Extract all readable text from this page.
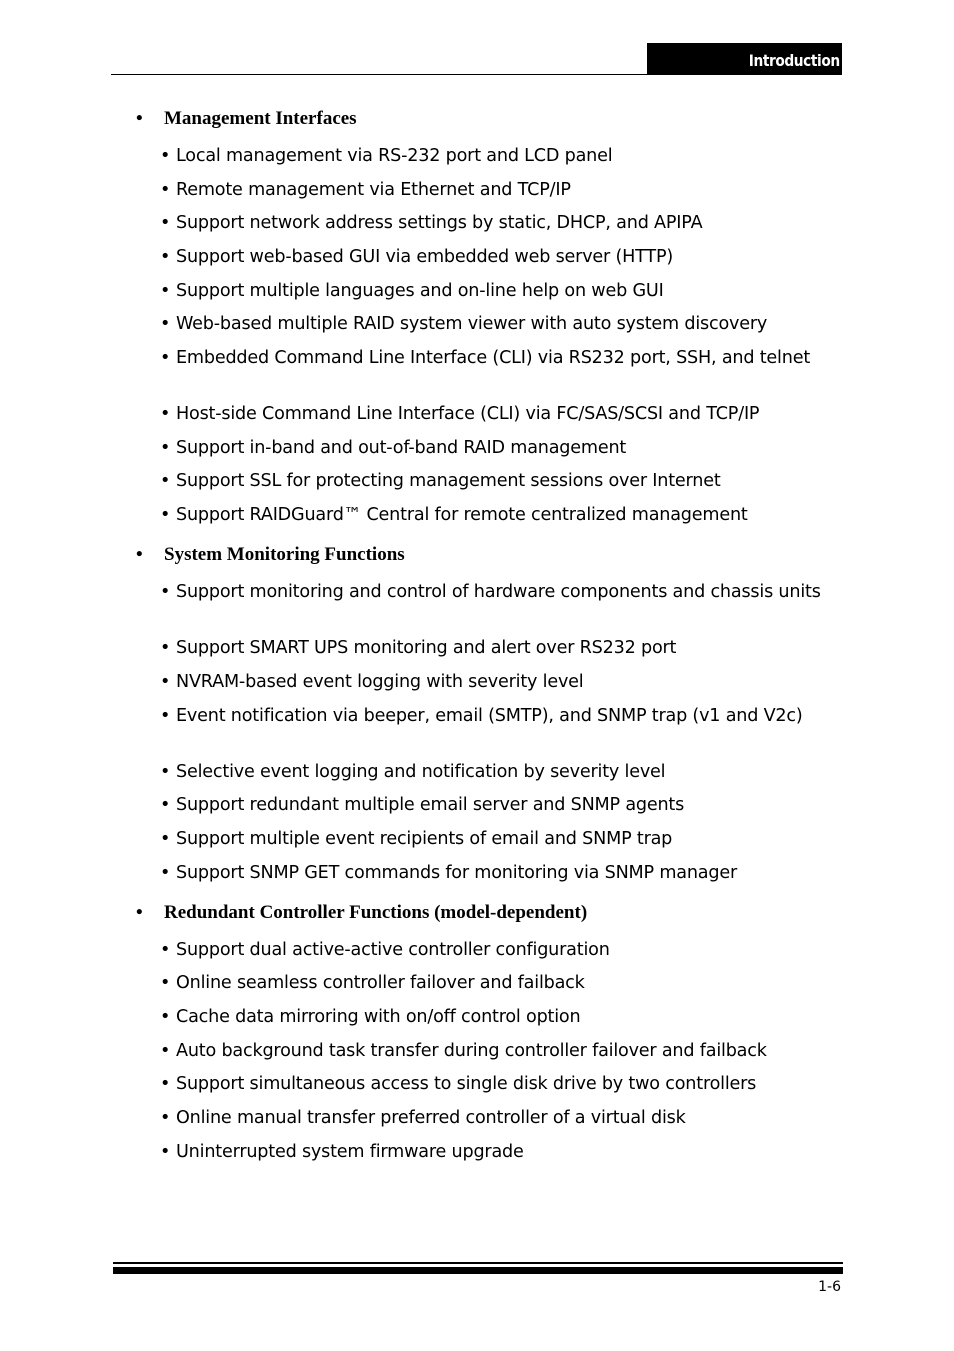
Introduction
• Management Interfaces
• Local management via RS-232 port and LCD panel
• Remote management via Ethernet and TCP/IP
• Support network address settings by static, DHCP, and APIPA
• Support web-based GUI via embedded web server (HTTP)
• Support multiple languages and on-line help on web GUI
• Web-based multiple RAID system viewer with auto system discovery
• Embedded Command Line Interface (CLI) via RS232 port, SSH, and telnet
• Host-side Command Line Interface (CLI) via FC/SAS/SCSI and TCP/IP
• Support in-band and out-of-band RAID management
• Support SSL for protecting management sessions over Internet
• Support RAIDGuard™ Central for remote centralized management
• System Monitoring Functions
• Support monitoring and control of hardware components and chassis units
• Support SMART UPS monitoring and alert over RS232 port
• NVRAM-based event logging with severity level
• Event notification via beeper, email (SMTP), and SNMP trap (v1 and V2c)
• Selective event logging and notification by severity level
• Support redundant multiple email server and SNMP agents
• Support multiple event recipients of email and SNMP trap
• Support SNMP GET commands for monitoring via SNMP manager
• Redundant Controller Functions (model-dependent)
• Support dual active-active controller configuration
• Online seamless controller failover and failback
• Cache data mirroring with on/off control option
• Auto background task transfer during controller failover and failback
• Support simultaneous access to single disk drive by two controllers
• Online manual transfer preferred controller of a virtual disk
• Uninterrupted system firmware upgrade
1-6
